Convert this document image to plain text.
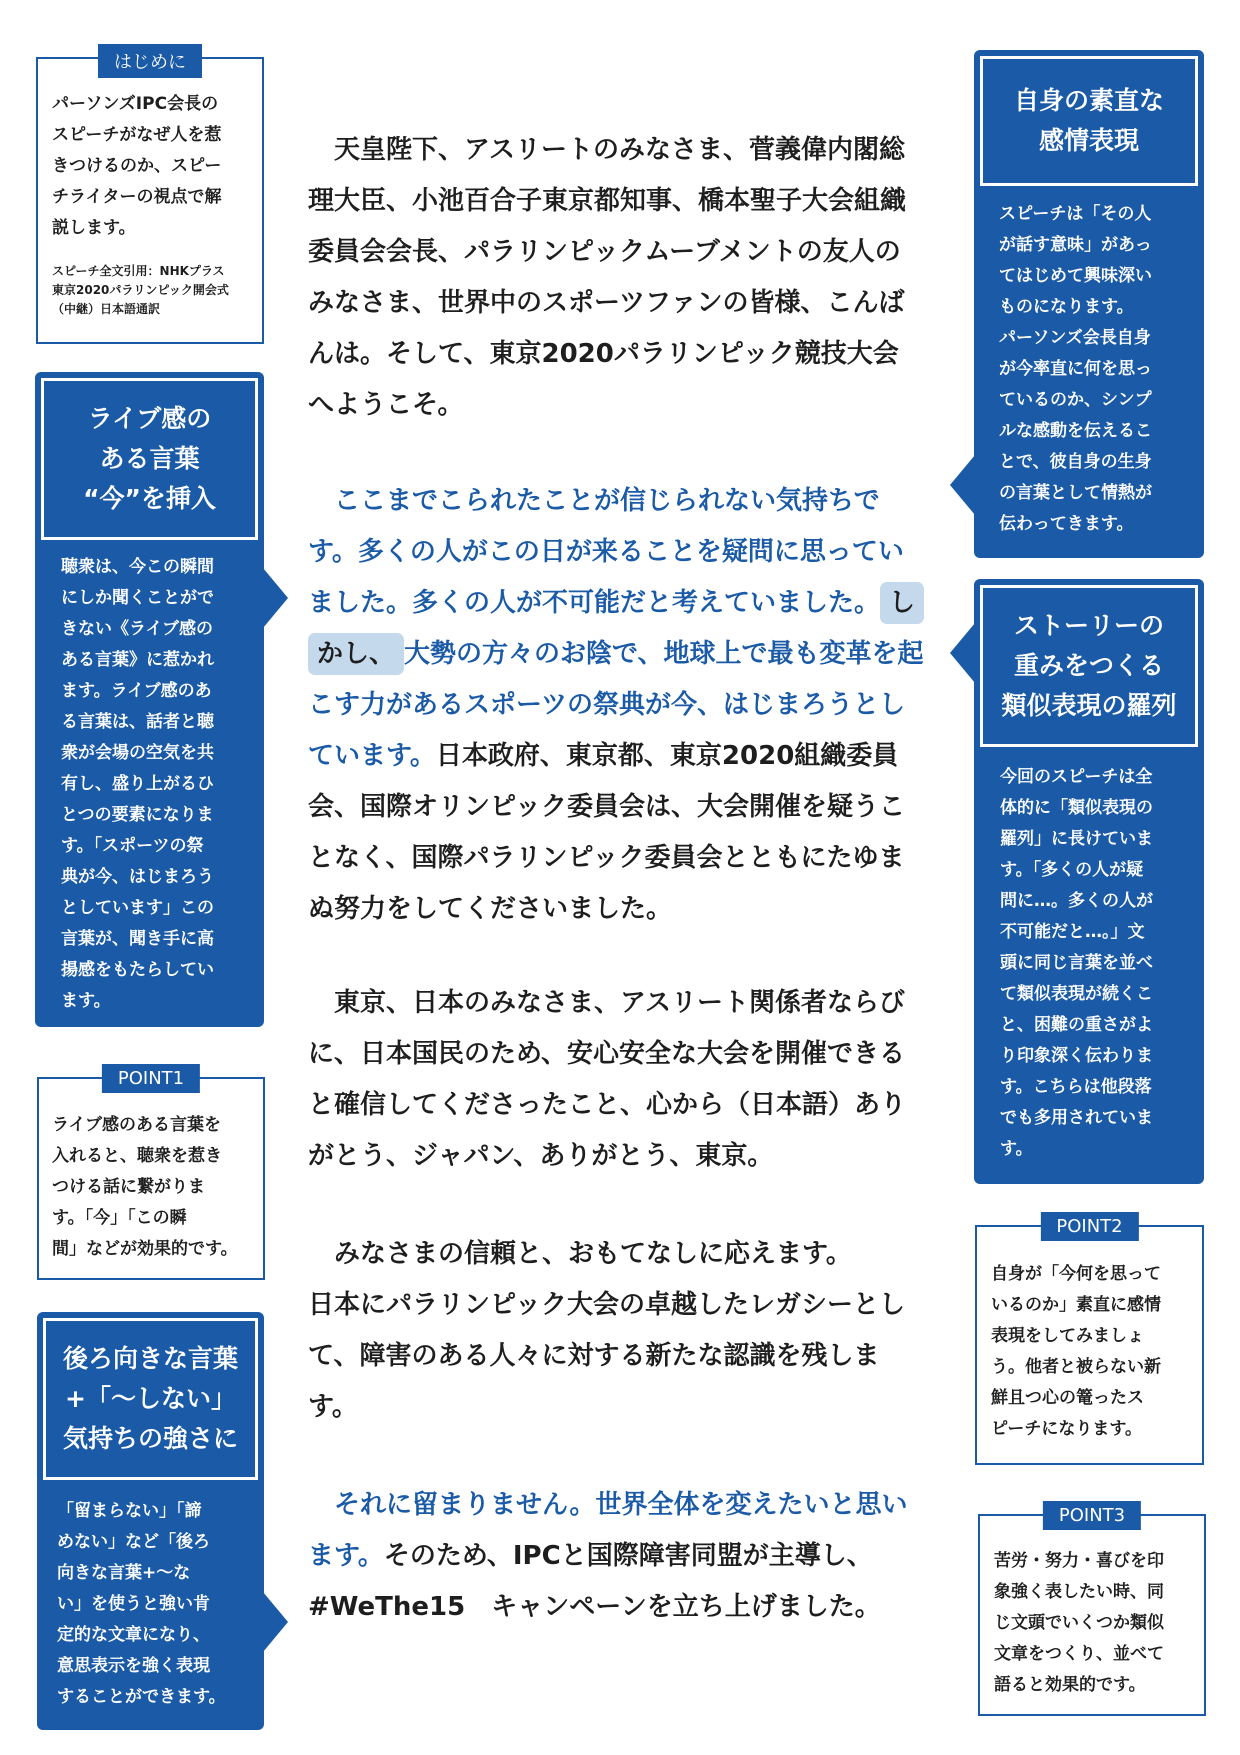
はじめに
パーソンズIPC会長の
スピーチがなぜ人を惹
きつけるのか、スピー
チライターの視点で解
説します。
スピーチ全文引用：NHKプラス
東京2020パラリンピック開会式
（中継）日本語通訳
ライブ感の
ある言葉
“今”を挿入
聴衆は、今この瞬間
にしか聞くことがで
きない《ライブ感の
ある言葉》に惹かれ
ます。ライブ感のあ
る言葉は、話者と聴
衆が会場の空気を共
有し、盛り上がるひ
とつの要素になりま
す。「スポーツの祭
典が今、はじまろう
としています」この
言葉が、聞き手に高
揚感をもたらしてい
ます。
POINT1
ライブ感のある言葉を
入れると、聴衆を惹き
つける話に繋がりま
す。「今」「この瞬
間」などが効果的です。
後ろ向きな言葉
+「〜しない」
気持ちの強さに
「留まらない」「諦
めない」など「後ろ
向きな言葉+〜な
い」を使うと強い肯
定的な文章になり、
意思表示を強く表現
することができます。
自身の素直な
感情表現
スピーチは「その人
が話す意味」があっ
てはじめて興味深い
ものになります。
パーソンズ会長自身
が今率直に何を思っ
ているのか、シンプ
ルな感動を伝えるこ
とで、彼自身の生身
の言葉として情熱が
伝わってきます。
ストーリーの
重みをつくる
類似表現の羅列
今回のスピーチは全
体的に「類似表現の
羅列」に長けていま
す。「多くの人が疑
問に…。多くの人が
不可能だと…。」文
頭に同じ言葉を並べ
て類似表現が続くこ
と、困難の重さがよ
り印象深く伝わりま
す。こちらは他段落
でも多用されていま
す。
POINT2
自身が「今何を思って
いるのか」素直に感情
表現をしてみましょ
う。他者と被らない新
鮮且つ心の篭ったス
ピーチになります。
POINT3
苦労・努力・喜びを印
象強く表したい時、同
じ文頭でいくつか類似
文章をつくり、並べて
語ると効果的です。
　天皇陛下、アスリートのみなさま、菅義偉内閣総
理大臣、小池百合子東京都知事、橋本聖子大会組織
委員会会長、パラリンピックムーブメントの友人の
みなさま、世界中のスポーツファンの皆様、こんば
んは。そして、東京2020パラリンピック競技大会
へようこそ。
　ここまでこられたことが信じられない気持ちで
す。多くの人がこの日が来ることを疑問に思ってい
ました。多くの人が不可能だと考えていました。 し
かし、 大勢の方々のお陰で、地球上で最も変革を起
こす力があるスポーツの祭典が今、はじまろうとし
ています。日本政府、東京都、東京2020組織委員
会、国際オリンピック委員会は、大会開催を疑うこ
となく、国際パラリンピック委員会とともにたゆま
ぬ努力をしてくださいました。
　東京、日本のみなさま、アスリート関係者ならび
に、日本国民のため、安心安全な大会を開催できる
と確信してくださったこと、心から（日本語）あり
がとう、ジャパン、ありがとう、東京。
　みなさまの信頼と、おもてなしに応えます。
日本にパラリンピック大会の卓越したレガシーとし
て、障害のある人々に対する新たな認識を残しま
す。
　それに留まりません。世界全体を変えたいと思い
ます。そのため、IPCと国際障害同盟が主導し、
#WeThe15　キャンペーンを立ち上げました。
